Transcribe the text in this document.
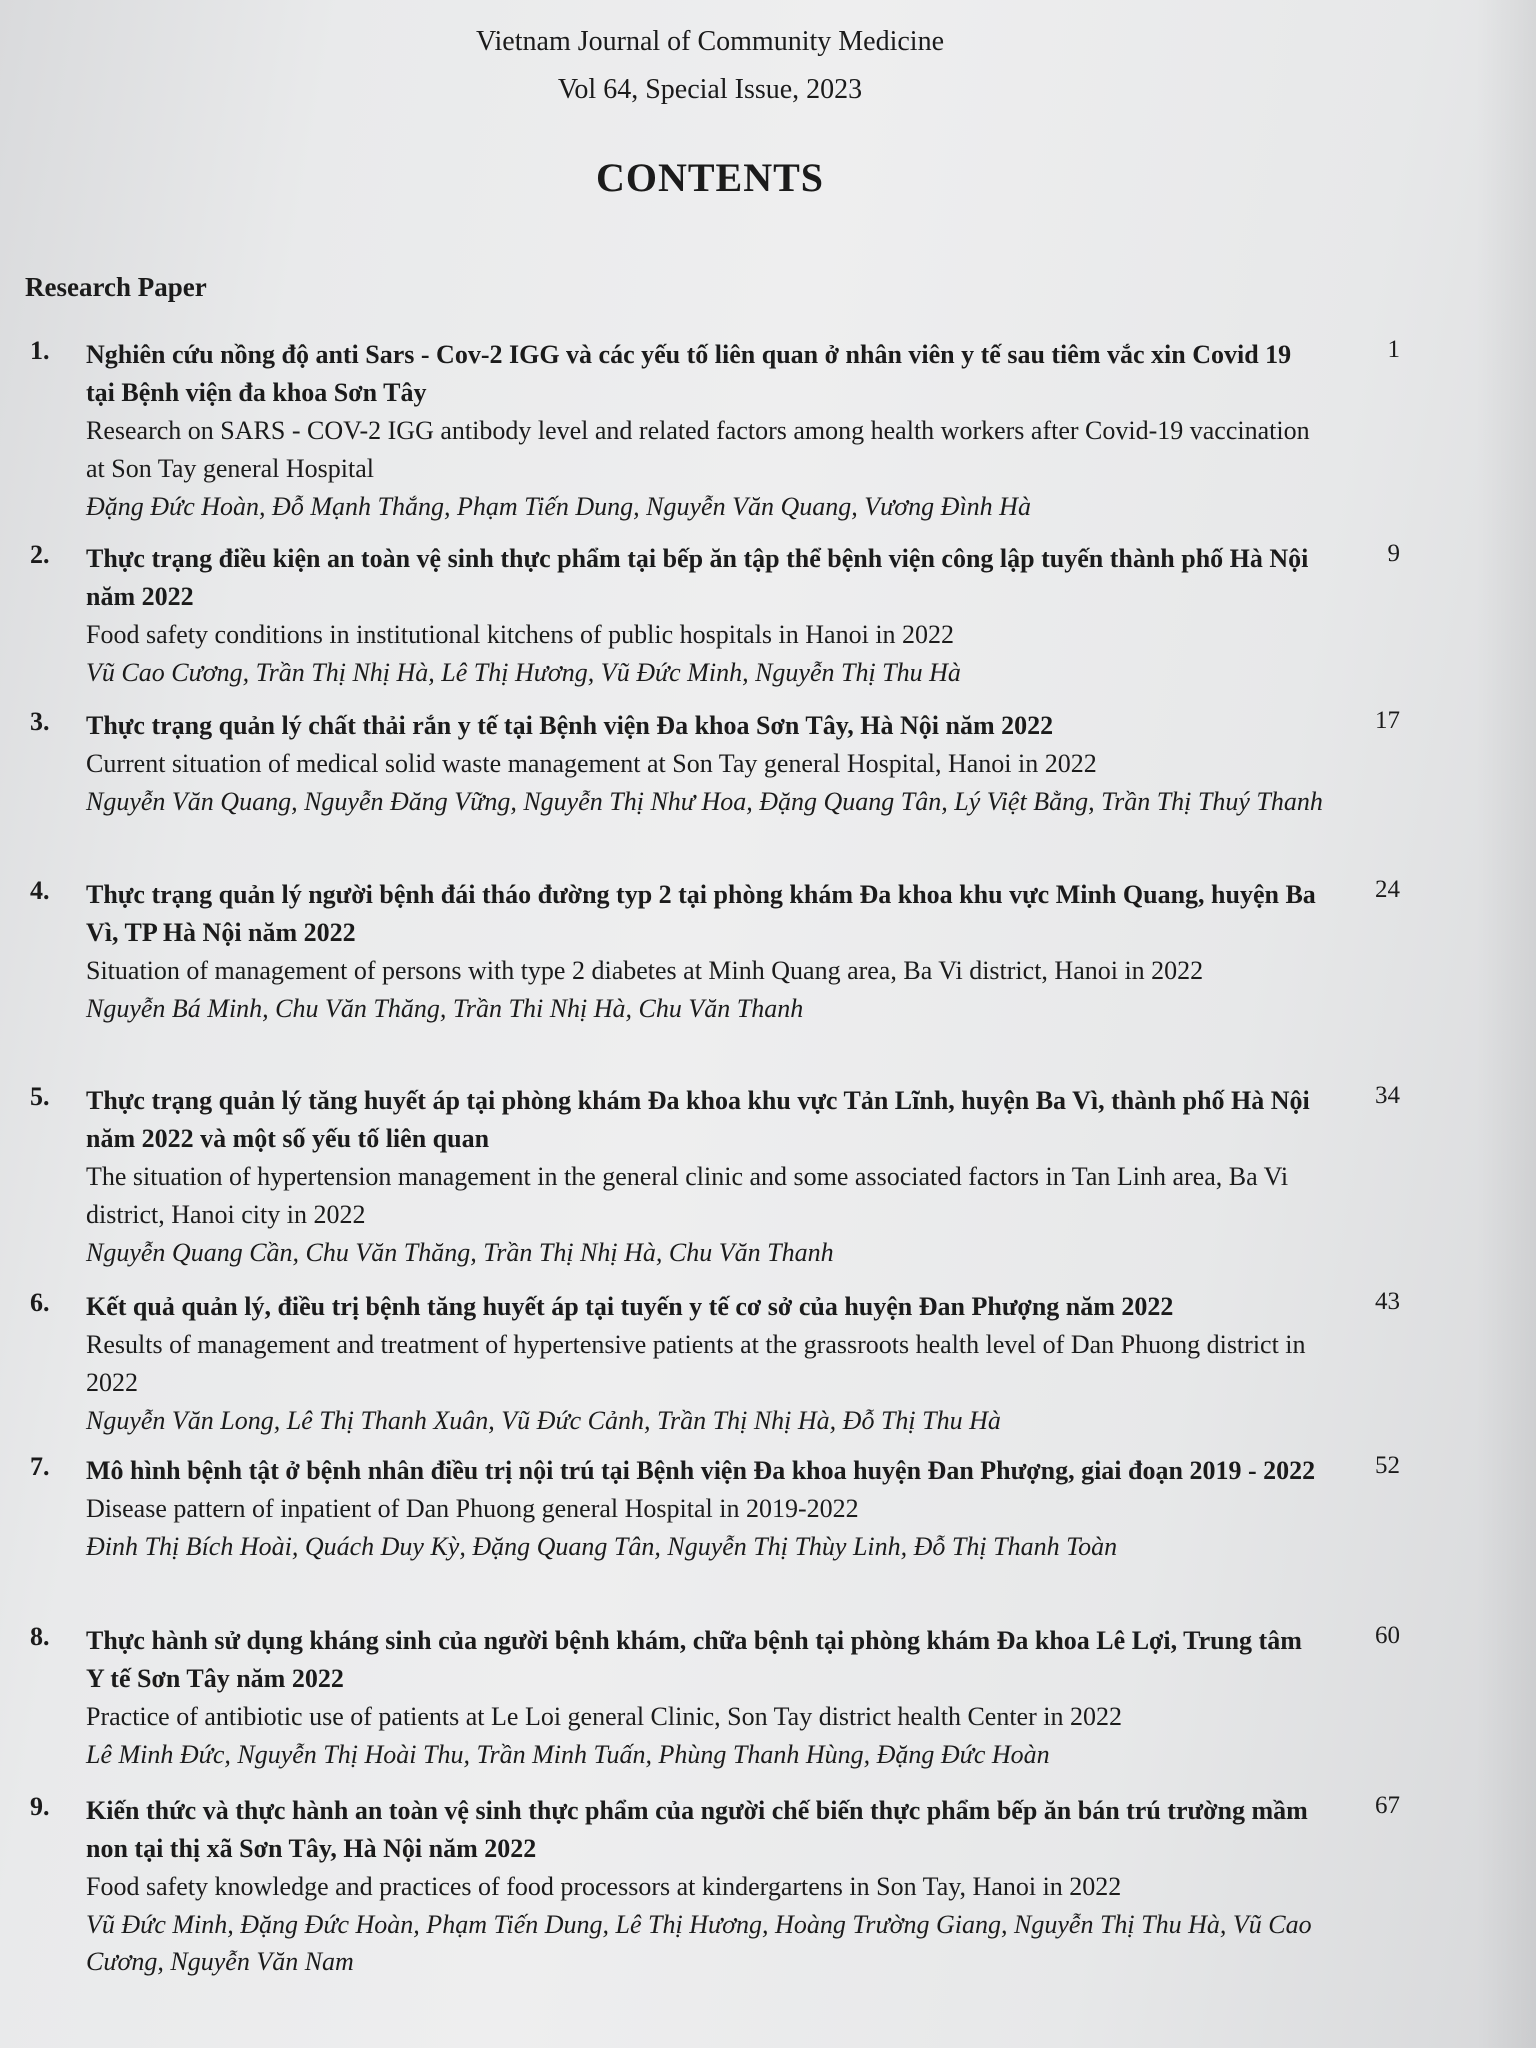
Vietnam Journal of Community Medicine
Vol 64, Special Issue, 2023
CONTENTS
Research Paper
1.	1
Nghiên cứu nồng độ anti Sars - Cov-2 IGG và các yếu tố liên quan ở nhân viên y tế sau tiêm vắc xin Covid 19 tại Bệnh viện đa khoa Sơn Tây
Research on SARS - COV-2 IGG antibody level and related factors among health workers after Covid-19 vaccination at Son Tay general Hospital
Đặng Đức Hoàn, Đỗ Mạnh Thắng, Phạm Tiến Dung, Nguyễn Văn Quang, Vương Đình Hà
2.	9
Thực trạng điều kiện an toàn vệ sinh thực phẩm tại bếp ăn tập thể bệnh viện công lập tuyến thành phố Hà Nội năm 2022
Food safety conditions in institutional kitchens of public hospitals in Hanoi in 2022
Vũ Cao Cương, Trần Thị Nhị Hà, Lê Thị Hương, Vũ Đức Minh, Nguyễn Thị Thu Hà
3.	17
Thực trạng quản lý chất thải rắn y tế tại Bệnh viện Đa khoa Sơn Tây, Hà Nội năm 2022
Current situation of medical solid waste management at Son Tay general Hospital, Hanoi in 2022
Nguyễn Văn Quang, Nguyễn Đăng Vững, Nguyễn Thị Như Hoa, Đặng Quang Tân, Lý Việt Bằng, Trần Thị Thuý Thanh
4.	24
Thực trạng quản lý người bệnh đái tháo đường typ 2 tại phòng khám Đa khoa khu vực Minh Quang, huyện Ba Vì, TP Hà Nội năm 2022
Situation of management of persons with type 2 diabetes at Minh Quang area, Ba Vi district, Hanoi in 2022
Nguyễn Bá Minh, Chu Văn Thăng, Trần Thi Nhị Hà, Chu Văn Thanh
5.	34
Thực trạng quản lý tăng huyết áp tại phòng khám Đa khoa khu vực Tản Lĩnh, huyện Ba Vì, thành phố Hà Nội năm 2022 và một số yếu tố liên quan
The situation of hypertension management in the general clinic and some associated factors in Tan Linh area, Ba Vi district, Hanoi city in 2022
Nguyễn Quang Cần, Chu Văn Thăng, Trần Thị Nhị Hà, Chu Văn Thanh
6.	43
Kết quả quản lý, điều trị bệnh tăng huyết áp tại tuyến y tế cơ sở của huyện Đan Phượng năm 2022
Results of management and treatment of hypertensive patients at the grassroots health level of Dan Phuong district in 2022
Nguyễn Văn Long, Lê Thị Thanh Xuân, Vũ Đức Cảnh, Trần Thị Nhị Hà, Đỗ Thị Thu Hà
7.	52
Mô hình bệnh tật ở bệnh nhân điều trị nội trú tại Bệnh viện Đa khoa huyện Đan Phượng, giai đoạn 2019 - 2022
Disease pattern of inpatient of Dan Phuong general Hospital in 2019-2022
Đinh Thị Bích Hoài, Quách Duy Kỳ, Đặng Quang Tân, Nguyễn Thị Thùy Linh, Đỗ Thị Thanh Toàn
8.	60
Thực hành sử dụng kháng sinh của người bệnh khám, chữa bệnh tại phòng khám Đa khoa Lê Lợi, Trung tâm Y tế Sơn Tây năm 2022
Practice of antibiotic use of patients at Le Loi general Clinic, Son Tay district health Center in 2022
Lê Minh Đức, Nguyễn Thị Hoài Thu, Trần Minh Tuấn, Phùng Thanh Hùng, Đặng Đức Hoàn
9.	67
Kiến thức và thực hành an toàn vệ sinh thực phẩm của người chế biến thực phẩm bếp ăn bán trú trường mầm non tại thị xã Sơn Tây, Hà Nội năm 2022
Food safety knowledge and practices of food processors at kindergartens in Son Tay, Hanoi in 2022
Vũ Đức Minh, Đặng Đức Hoàn, Phạm Tiến Dung, Lê Thị Hương, Hoàng Trường Giang, Nguyễn Thị Thu Hà, Vũ Cao Cương, Nguyễn Văn Nam
